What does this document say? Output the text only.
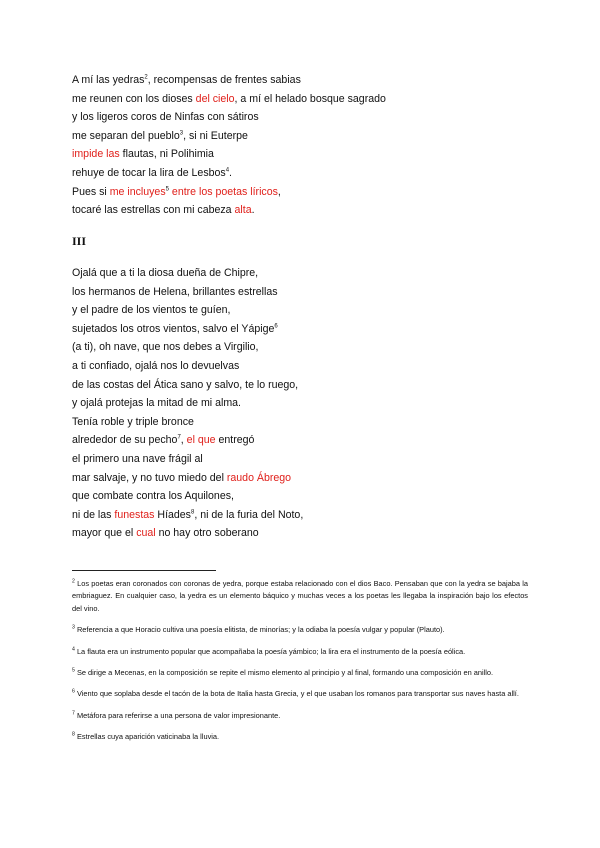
A mí las yedras$^2$, recompensas de frentes sabias
me reunen con los dioses del cielo, a mí el helado bosque sagrado
y los ligeros coros de Ninfas con sátiros
me separan del pueblo$^3$, si ni Euterpe
impide las flautas, ni Polihimia
rehuye de tocar la lira de Lesbos$^4$.
Pues si me incluyes$^5$ entre los poetas líricos,
tocaré las estrellas con mi cabeza alta.
III
Ojalá que a ti la diosa dueña de Chipre,
los hermanos de Helena, brillantes estrellas
y el padre de los vientos te guíen,
sujetados los otros vientos, salvo el Yápige$^6$
(a ti), oh nave, que nos debes a Virgilio,
a ti confiado, ojalá nos lo devuelvas
de las costas del Ática sano y salvo, te lo ruego,
y ojalá protejas la mitad de mi alma.
Tenía roble y triple bronce
alrededor de su pecho$^7$, el que entregó
el primero una nave frágil al
mar salvaje, y no tuvo miedo del raudo Ábrego
que combate contra los Aquilones,
ni de las funestas Híades$^8$, ni de la furia del Noto,
mayor que el cual no hay otro soberano

$^2$ Los poetas eran coronados con coronas de yedra, porque estaba relacionado con el dios Baco. Pensaban que con la yedra se bajaba la embriaguez. En cualquier caso, la yedra es un elemento báquico y muchas veces a los poetas les llegaba la inspiración bajo los efectos del vino.

$^3$ Referencia a que Horacio cultiva una poesía elitista, de minorías; y la odiaba la poesía vulgar y popular (Plauto).

$^4$ La flauta era un instrumento popular que acompañaba la poesía yámbico; la lira era el instrumento de la poesía eólica.

$^5$ Se dirige a Mecenas, en la composición se repite el mismo elemento al principio y al final, formando una composición en anillo.

$^6$ Viento que soplaba desde el tacón de la bota de Italia hasta Grecia, y el que usaban los romanos para transportar sus naves hasta allí.

$^7$ Metáfora para referirse a una persona de valor impresionante.

$^8$ Estrellas cuya aparición vaticinaba la lluvia.
